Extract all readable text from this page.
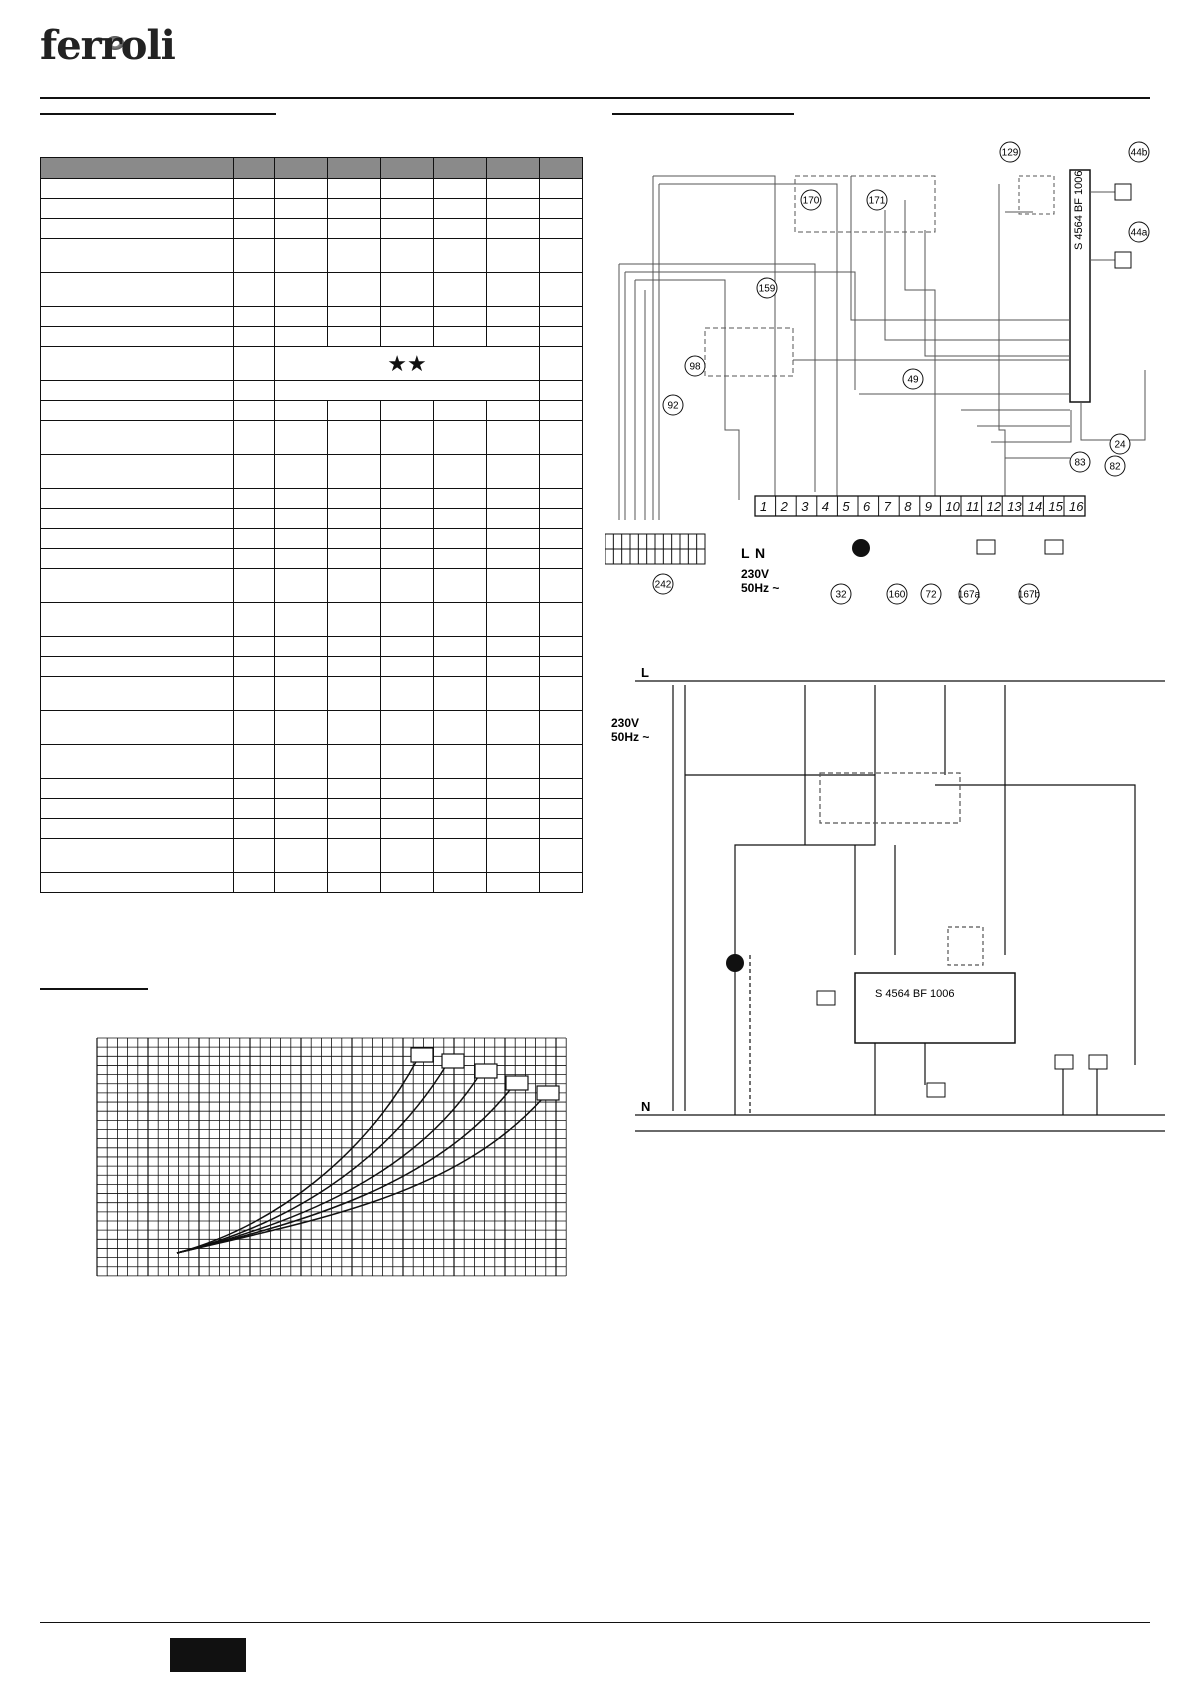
ferroli

		★★					

1 2 3 4 5 6 7 8 9 10 11 12 13 14 15 16
L N
230V
50Hz ~
S 4564 BF 1006
129	44b
44a
170	171
98
159
92
49
83
24
82
242
32	160 72 167a	167b
L
N
230V
50Hz ~
S 4564 BF 1006
